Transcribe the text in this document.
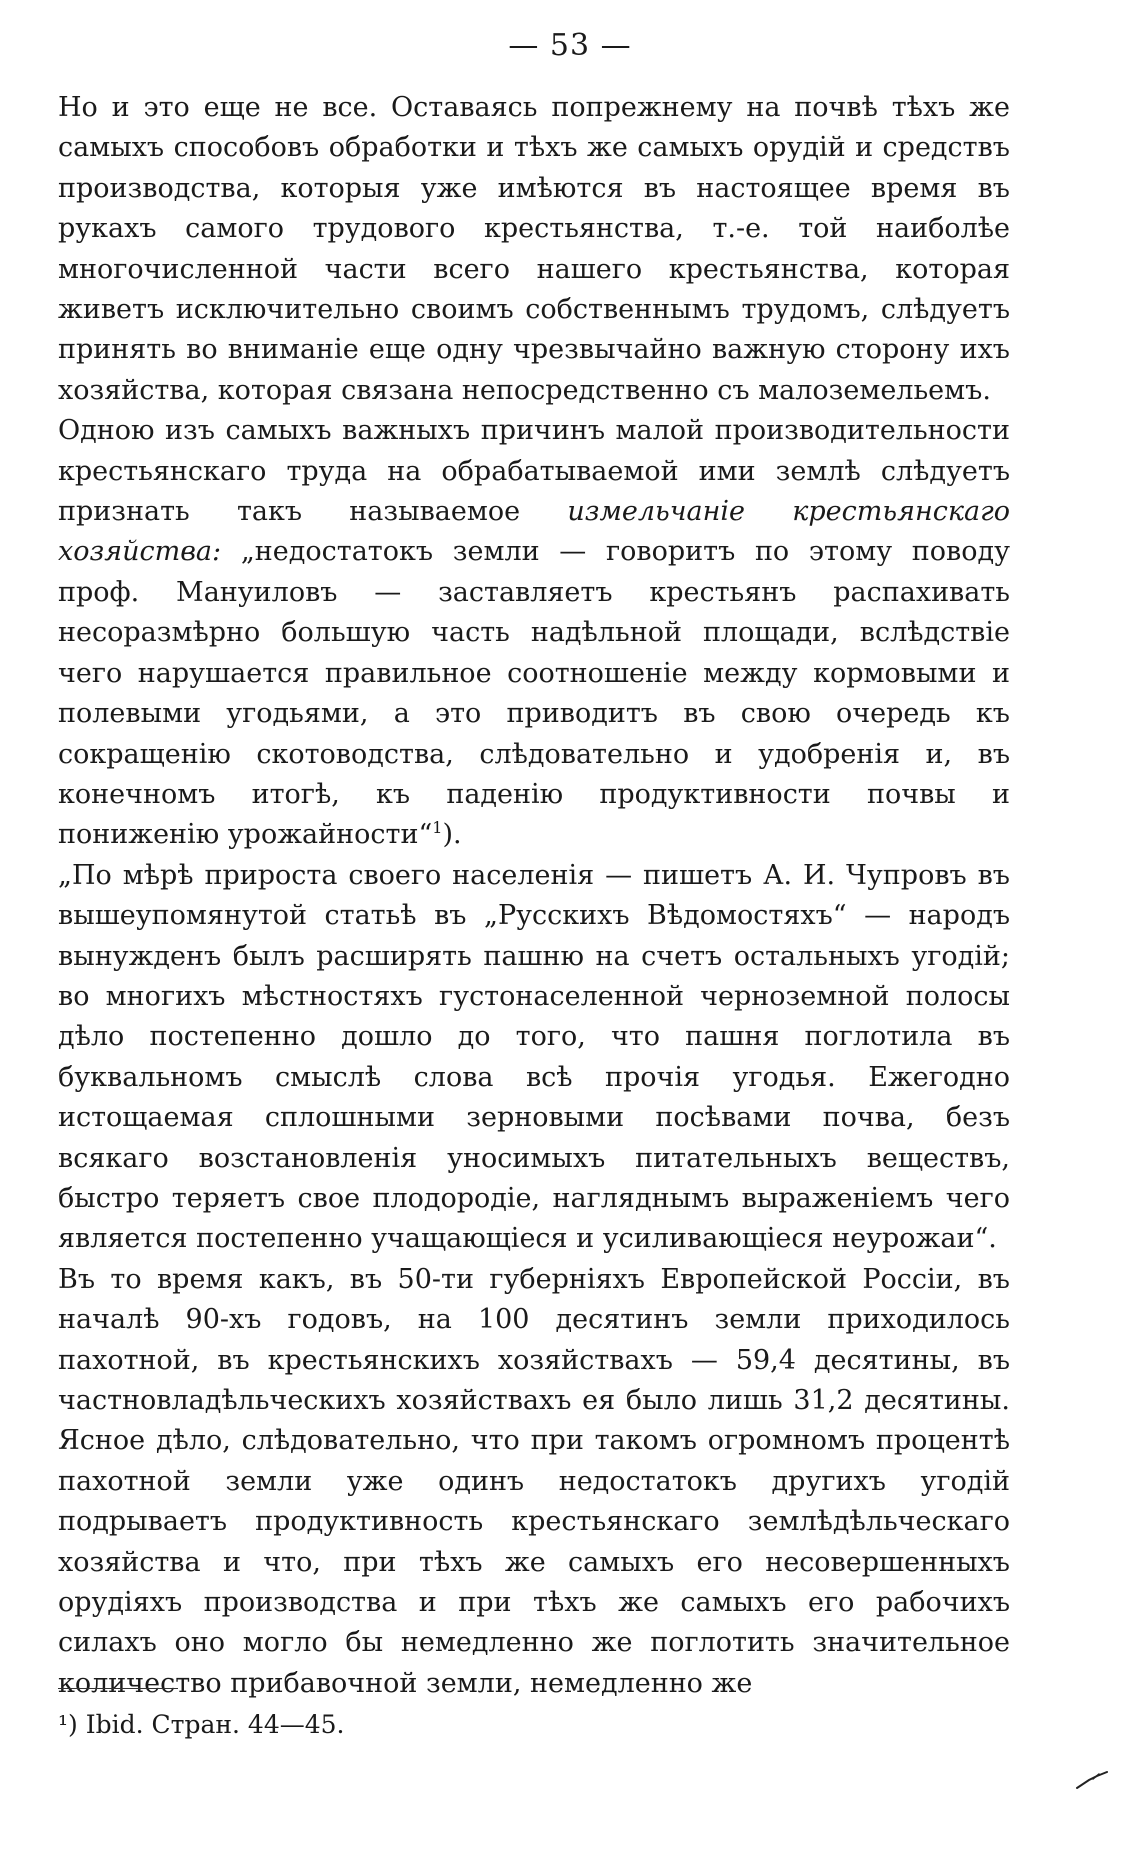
— 53 —

Но и это еще не все. Оставаясь попрежнему на почвѣ тѣхъ же самыхъ способовъ обработки и тѣхъ же самыхъ орудій и средствъ производства, которыя уже имѣются въ настоящее время въ рукахъ самого трудового крестьянства, т.-е. той наиболѣе многочисленной части всего нашего крестьянства, которая живетъ исключительно своимъ собственнымъ трудомъ, слѣдуетъ принять во вниманіе еще одну чрезвычайно важную сторону ихъ хозяйства, которая связана непосредственно съ малоземельемъ.

Одною изъ самыхъ важныхъ причинъ малой производительности крестьянскаго труда на обрабатываемой ими землѣ слѣдуетъ признать такъ называемое измельчаніе крестьянскаго хозяйства: „недостатокъ земли — говоритъ по этому поводу проф. Мануиловъ — заставляетъ крестьянъ распахивать несоразмѣрно большую часть надѣльной площади, вслѣдствіе чего нарушается правильное соотношеніе между кормовыми и полевыми угодьями, а это приводитъ въ свою очередь къ сокращенію скотоводства, слѣдовательно и удобренія и, въ конечномъ итогѣ, къ паденію продуктивности почвы и пониженію урожайности“$^1$).

„По мѣрѣ прироста своего населенія — пишетъ А. И. Чупровъ въ вышеупомянутой статьѣ въ „Русскихъ Вѣдомостяхъ“ — народъ вынужденъ былъ расширять пашню на счетъ остальныхъ угодій; во многихъ мѣстностяхъ густонаселенной черноземной полосы дѣло постепенно дошло до того, что пашня поглотила въ буквальномъ смыслѣ слова всѣ прочія угодья. Ежегодно истощаемая сплошными зерновыми посѣвами почва, безъ всякаго возстановленія уносимыхъ питательныхъ веществъ, быстро теряетъ свое плодородіе, нагляднымъ выраженіемъ чего является постепенно учащающіеся и усиливающіеся неурожаи“.

Въ то время какъ, въ 50-ти губерніяхъ Европейской Россіи, въ началѣ 90-хъ годовъ, на 100 десятинъ земли приходилось пахотной, въ крестьянскихъ хозяйствахъ — 59,4 десятины, въ частновладѣльческихъ хозяйствахъ ея было лишь 31,2 десятины. Ясное дѣло, слѣдовательно, что при такомъ огромномъ процентѣ пахотной земли уже одинъ недостатокъ другихъ угодій подрываетъ продуктивность крестьянскаго землѣдѣльческаго хозяйства и что, при тѣхъ же самыхъ его несовершенныхъ орудіяхъ производства и при тѣхъ же самыхъ его рабочихъ силахъ оно могло бы немедленно же поглотить значительное количество прибавочной земли, немедленно же

¹) Ibid. Стран. 44—45.
